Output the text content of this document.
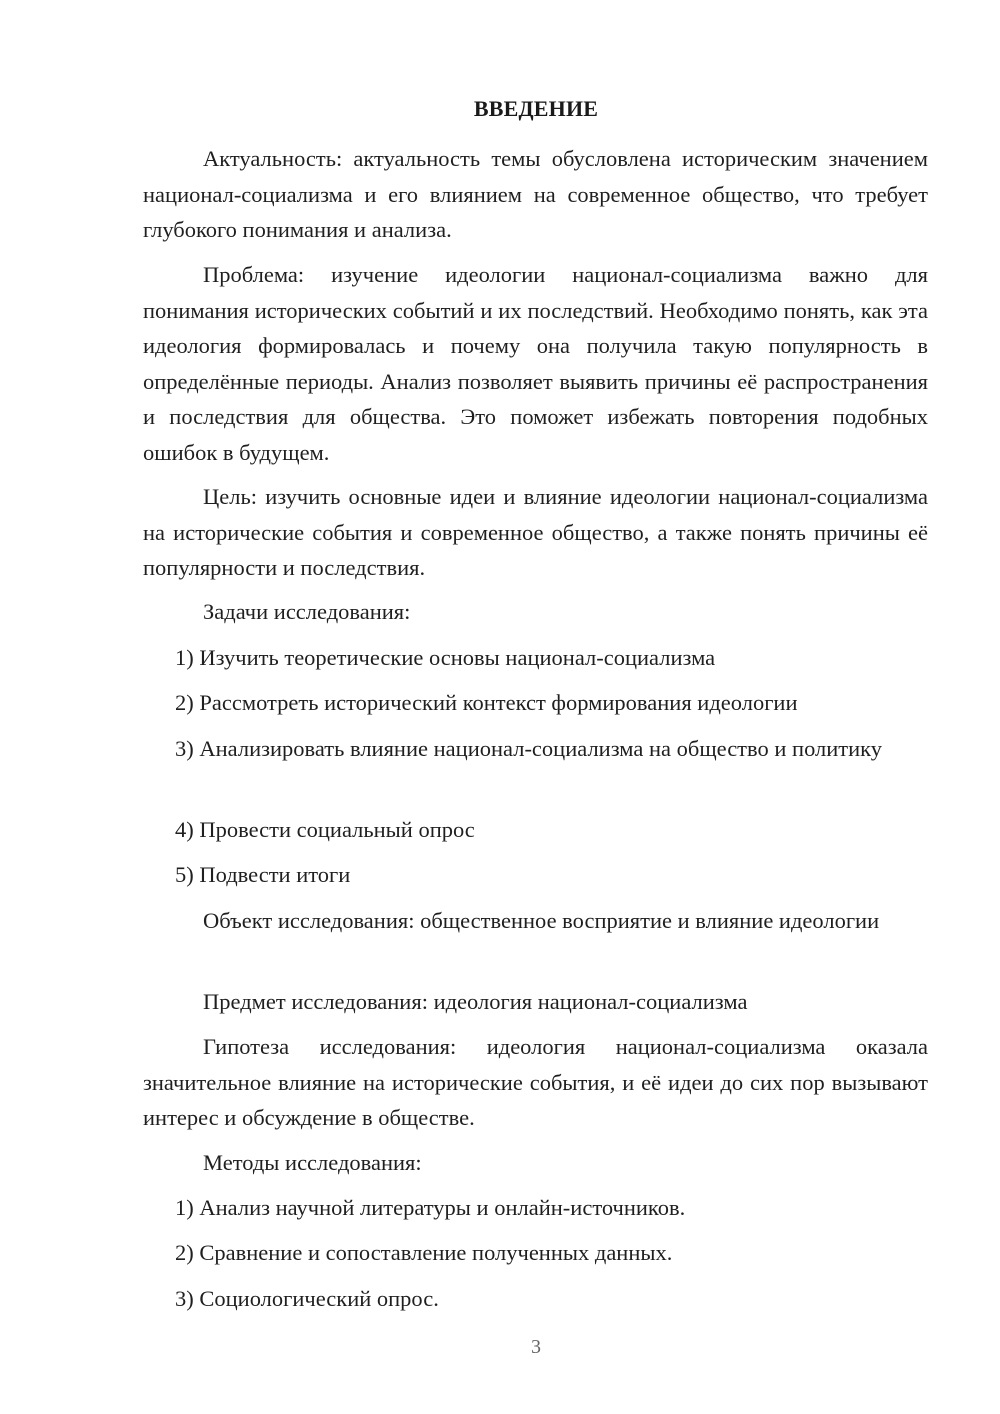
ВВЕДЕНИЕ
Актуальность: актуальность темы обусловлена историческим значением национал-социализма и его влиянием на современное общество, что требует глубокого понимания и анализа.
Проблема: изучение идеологии национал-социализма важно для понимания исторических событий и их последствий. Необходимо понять, как эта идеология формировалась и почему она получила такую популярность в определённые периоды. Анализ позволяет выявить причины её распространения и последствия для общества. Это поможет избежать повторения подобных ошибок в будущем.
Цель: изучить основные идеи и влияние идеологии национал-социализма на исторические события и современное общество, а также понять причины её популярности и последствия.
Задачи исследования:
1) Изучить теоретические основы национал-социализма
2) Рассмотреть исторический контекст формирования идеологии
3) Анализировать влияние национал-социализма на общество и политику
4) Провести социальный опрос
5) Подвести итоги
Объект исследования: общественное восприятие и влияние идеологии
Предмет исследования: идеология национал-социализма
Гипотеза исследования: идеология национал-социализма оказала значительное влияние на исторические события, и её идеи до сих пор вызывают интерес и обсуждение в обществе.
Методы исследования:
1) Анализ научной литературы и онлайн-источников.
2) Сравнение и сопоставление полученных данных.
3) Социологический опрос.
3
